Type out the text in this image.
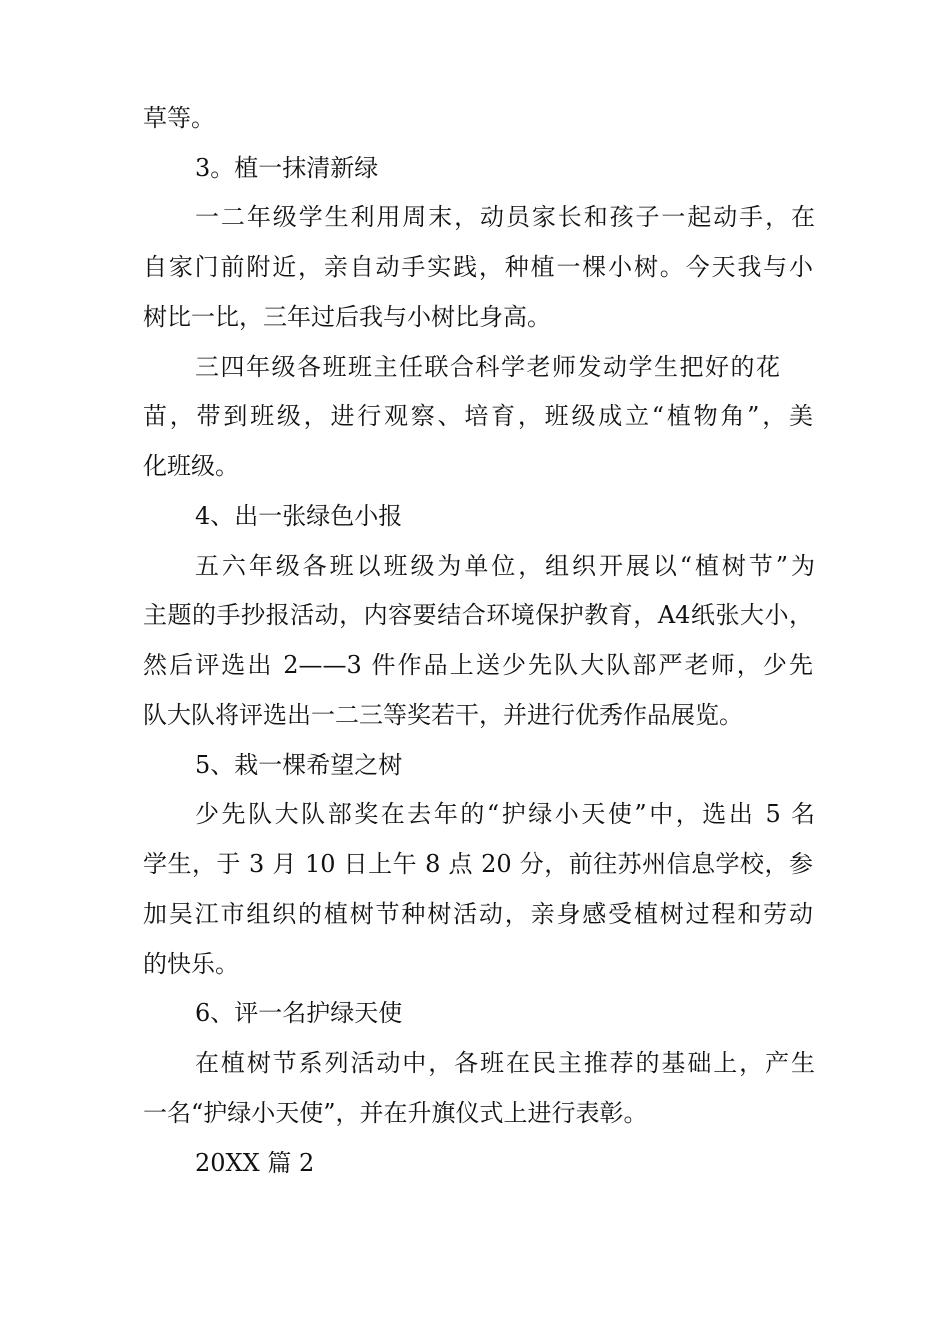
草等。
3。植一抹清新绿
一二年级学生利用周末，动员家长和孩子一起动手，在
自家门前附近，亲自动手实践，种植一棵小树。今天我与小
树比一比，三年过后我与小树比身高。
三四年级各班班主任联合科学老师发动学生把好的花
苗，带到班级，进行观察、培育，班级成立“植物角”，美
化班级。
4、出一张绿色小报
五六年级各班以班级为单位，组织开展以“植树节”为
主题的手抄报活动，内容要结合环境保护教育，A4纸张大小，
然后评选出 2——3 件作品上送少先队大队部严老师，少先
队大队将评选出一二三等奖若干，并进行优秀作品展览。
5、栽一棵希望之树
少先队大队部奖在去年的“护绿小天使”中，选出 5 名
学生，于 3 月 10 日上午 8 点 20 分，前往苏州信息学校，参
加吴江市组织的植树节种树活动，亲身感受植树过程和劳动
的快乐。
6、评一名护绿天使
在植树节系列活动中，各班在民主推荐的基础上，产生
一名“护绿小天使”，并在升旗仪式上进行表彰。
20XX 篇 2
